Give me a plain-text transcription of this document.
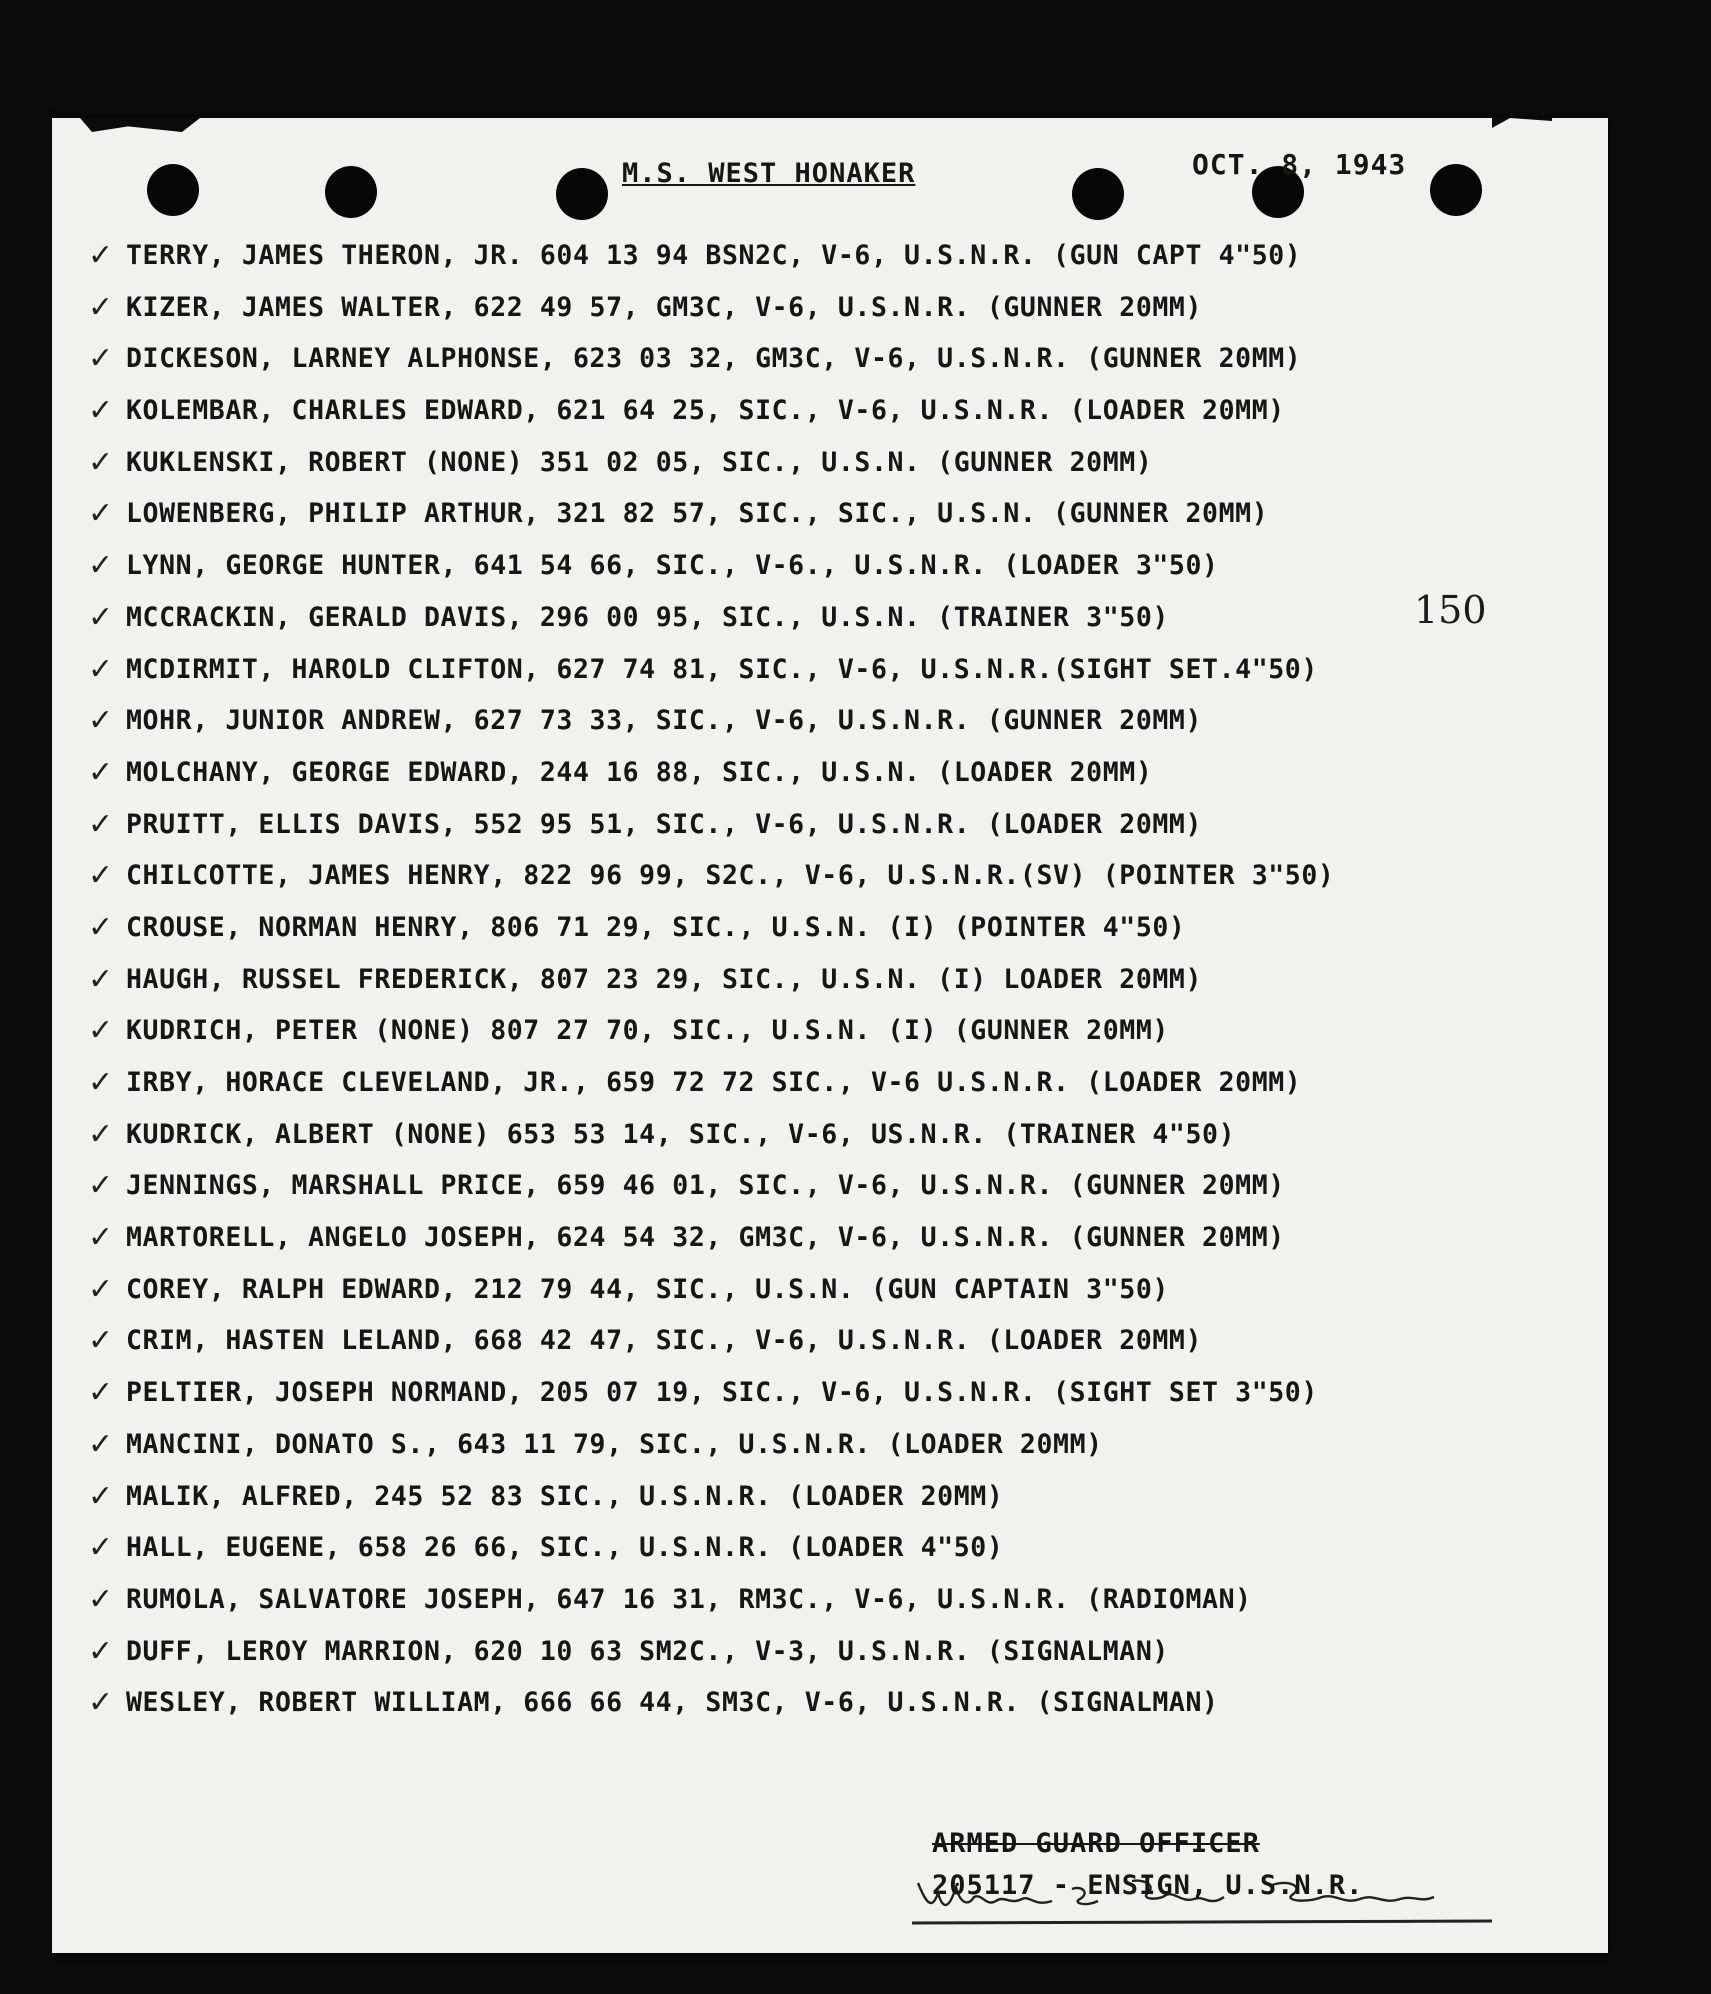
M.S. WEST HONAKER	OCT. 8, 1943
150
✓ TERRY, JAMES THERON, JR. 604 13 94 BSN2C, V-6, U.S.N.R. (GUN CAPT 4"50)
✓ KIZER, JAMES WALTER, 622 49 57, GM3C, V-6, U.S.N.R. (GUNNER 20MM)
✓ DICKESON, LARNEY ALPHONSE, 623 03 32, GM3C, V-6, U.S.N.R. (GUNNER 20MM)
✓ KOLEMBAR, CHARLES EDWARD, 621 64 25, SIC., V-6, U.S.N.R. (LOADER 20MM)
✓ KUKLENSKI, ROBERT (NONE) 351 02 05, SIC., U.S.N. (GUNNER 20MM)
✓ LOWENBERG, PHILIP ARTHUR, 321 82 57, SIC., SIC., U.S.N. (GUNNER 20MM)
✓ LYNN, GEORGE HUNTER, 641 54 66, SIC., V-6., U.S.N.R. (LOADER 3"50)
✓ MCCRACKIN, GERALD DAVIS, 296 00 95, SIC., U.S.N. (TRAINER 3"50)
✓ MCDIRMIT, HAROLD CLIFTON, 627 74 81, SIC., V-6, U.S.N.R.(SIGHT SET.4"50)
✓ MOHR, JUNIOR ANDREW, 627 73 33, SIC., V-6, U.S.N.R. (GUNNER 20MM)
✓ MOLCHANY, GEORGE EDWARD, 244 16 88, SIC., U.S.N. (LOADER 20MM)
✓ PRUITT, ELLIS DAVIS, 552 95 51, SIC., V-6, U.S.N.R. (LOADER 20MM)
✓ CHILCOTTE, JAMES HENRY, 822 96 99, S2C., V-6, U.S.N.R.(SV) (POINTER 3"50)
✓ CROUSE, NORMAN HENRY, 806 71 29, SIC., U.S.N. (I) (POINTER 4"50)
✓ HAUGH, RUSSEL FREDERICK, 807 23 29, SIC., U.S.N. (I) LOADER 20MM)
✓ KUDRICH, PETER (NONE) 807 27 70, SIC., U.S.N. (I) (GUNNER 20MM)
✓ IRBY, HORACE CLEVELAND, JR., 659 72 72 SIC., V-6 U.S.N.R. (LOADER 20MM)
✓ KUDRICK, ALBERT (NONE) 653 53 14, SIC., V-6, US.N.R. (TRAINER 4"50)
✓ JENNINGS, MARSHALL PRICE, 659 46 01, SIC., V-6, U.S.N.R. (GUNNER 20MM)
✓ MARTORELL, ANGELO JOSEPH, 624 54 32, GM3C, V-6, U.S.N.R. (GUNNER 20MM)
✓ COREY, RALPH EDWARD, 212 79 44, SIC., U.S.N. (GUN CAPTAIN 3"50)
✓ CRIM, HASTEN LELAND, 668 42 47, SIC., V-6, U.S.N.R. (LOADER 20MM)
✓ PELTIER, JOSEPH NORMAND, 205 07 19, SIC., V-6, U.S.N.R. (SIGHT SET 3"50)
✓ MANCINI, DONATO S., 643 11 79, SIC., U.S.N.R. (LOADER 20MM)
✓ MALIK, ALFRED, 245 52 83 SIC., U.S.N.R. (LOADER 20MM)
✓ HALL, EUGENE, 658 26 66, SIC., U.S.N.R. (LOADER 4"50)
✓ RUMOLA, SALVATORE JOSEPH, 647 16 31, RM3C., V-6, U.S.N.R. (RADIOMAN)
✓ DUFF, LEROY MARRION, 620 10 63 SM2C., V-3, U.S.N.R. (SIGNALMAN)
✓ WESLEY, ROBERT WILLIAM, 666 66 44, SM3C, V-6, U.S.N.R. (SIGNALMAN)
ARMED GUARD OFFICER
205117 - ENSIGN, U.S.N.R.
